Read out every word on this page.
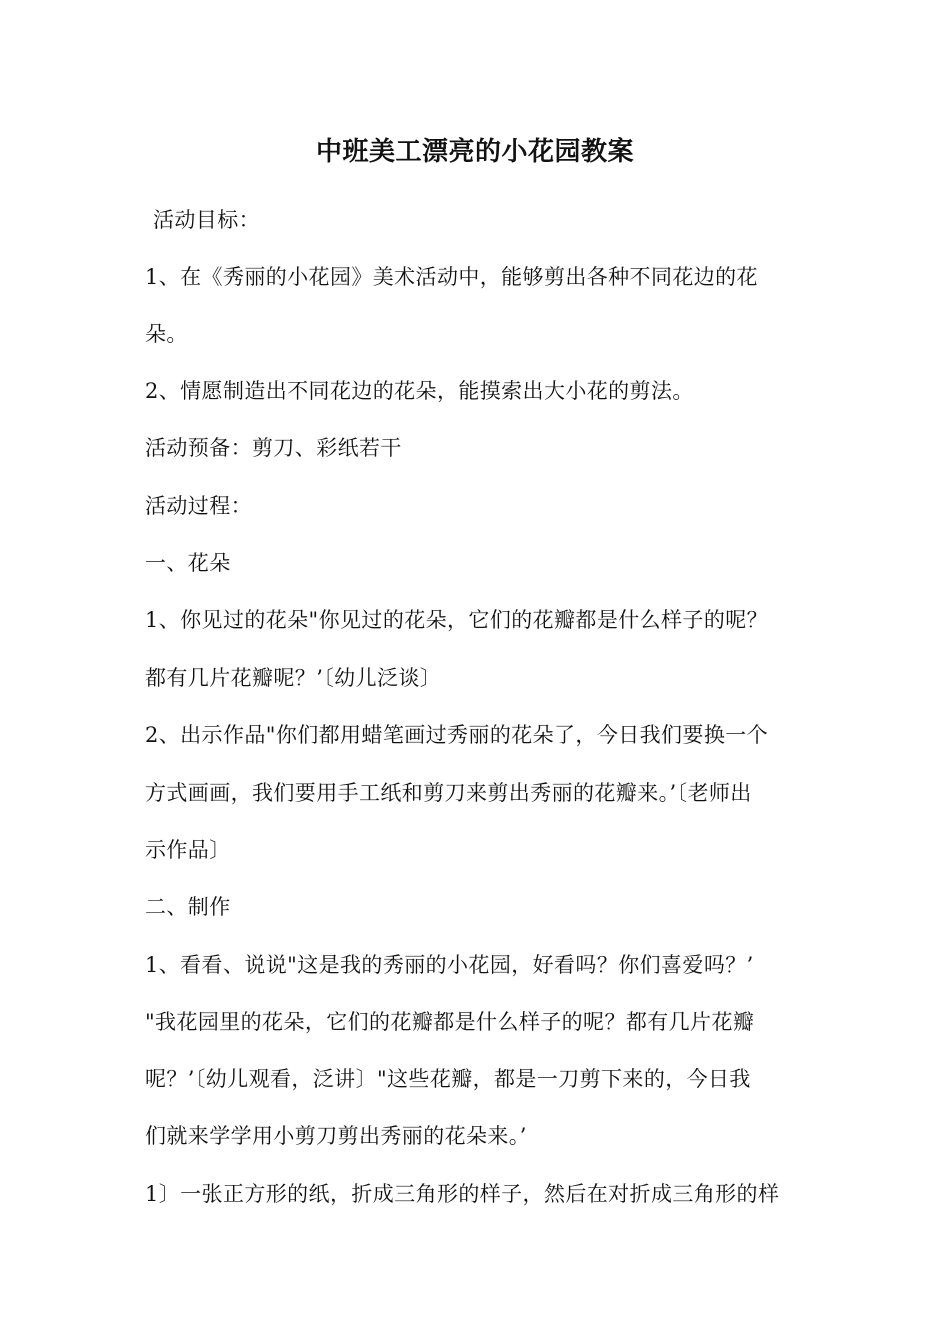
中班美工漂亮的小花园教案
活动目标：
1、在《秀丽的小花园》美术活动中，能够剪出各种不同花边的花
朵。
2、情愿制造出不同花边的花朵，能摸索出大小花的剪法。
活动预备：剪刀、彩纸若干
活动过程：
一、花朵
1、你见过的花朵"你见过的花朵，它们的花瓣都是什么样子的呢？
都有几片花瓣呢？’〔幼儿泛谈〕
2、出示作品"你们都用蜡笔画过秀丽的花朵了，今日我们要换一个
方式画画，我们要用手工纸和剪刀来剪出秀丽的花瓣来。’〔老师出
示作品〕
二、制作
1、看看、说说"这是我的秀丽的小花园，好看吗？你们喜爱吗？’
"我花园里的花朵，它们的花瓣都是什么样子的呢？都有几片花瓣
呢？’〔幼儿观看，泛讲〕"这些花瓣，都是一刀剪下来的，今日我
们就来学学用小剪刀剪出秀丽的花朵来。’
1〕一张正方形的纸，折成三角形的样子，然后在对折成三角形的样
